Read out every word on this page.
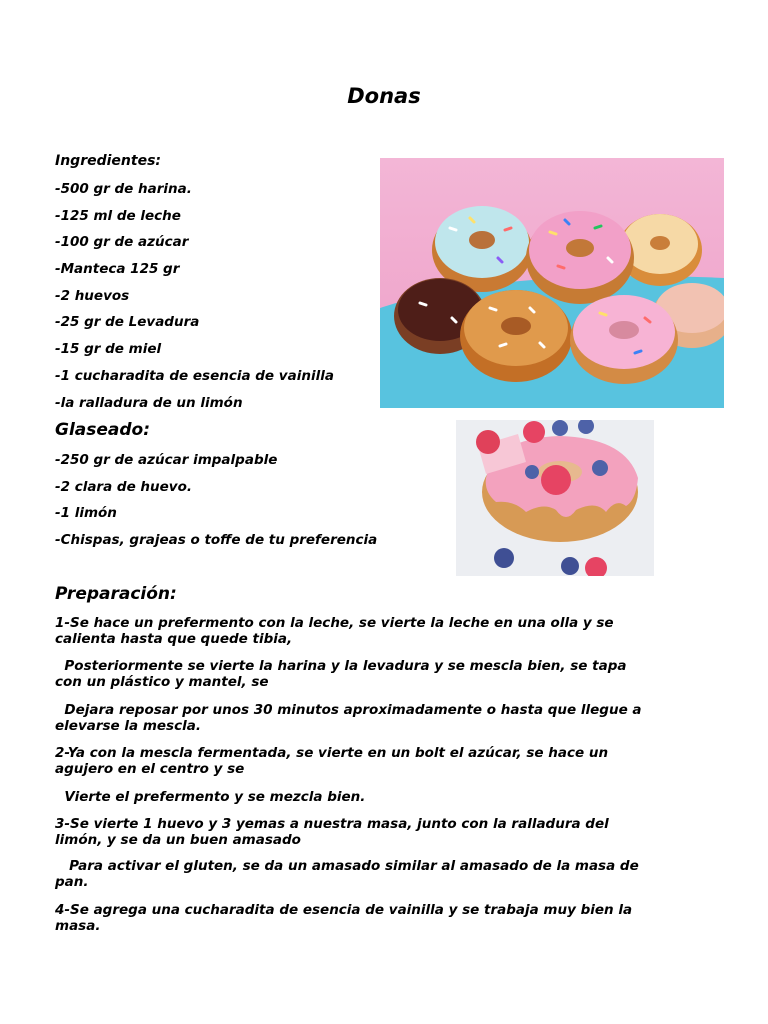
Donas
Ingredientes:
-500 gr de harina.
-125 ml de leche
-100 gr de azúcar
-Manteca 125 gr
-2 huevos
-25 gr de Levadura
-15 gr de miel
-1 cucharadita de esencia de vainilla
-la ralladura de un limón
Glaseado:
-250 gr de azúcar impalpable
-2 clara de huevo.
-1 limón
-Chispas, grajeas o toffe de tu preferencia
Preparación:

1-Se hace un prefermento con la leche, se vierte la leche en una olla y se calienta hasta que quede tibia,

Posteriormente se vierte la harina y la levadura y se mescla bien, se tapa con un plástico y mantel, se

Dejara reposar por unos 30 minutos aproximadamente o hasta que llegue a elevarse la mescla.

2-Ya con la mescla fermentada, se vierte en un bolt el azúcar, se hace un agujero en el centro y se

Vierte el prefermento y se mezcla bien.

3-Se vierte 1 huevo y 3 yemas a nuestra masa, junto con la ralladura del limón, y se da un buen amasado

Para activar el gluten, se da un amasado similar al amasado de la masa de pan.

4-Se agrega una cucharadita de esencia de vainilla y se trabaja muy bien la masa.
